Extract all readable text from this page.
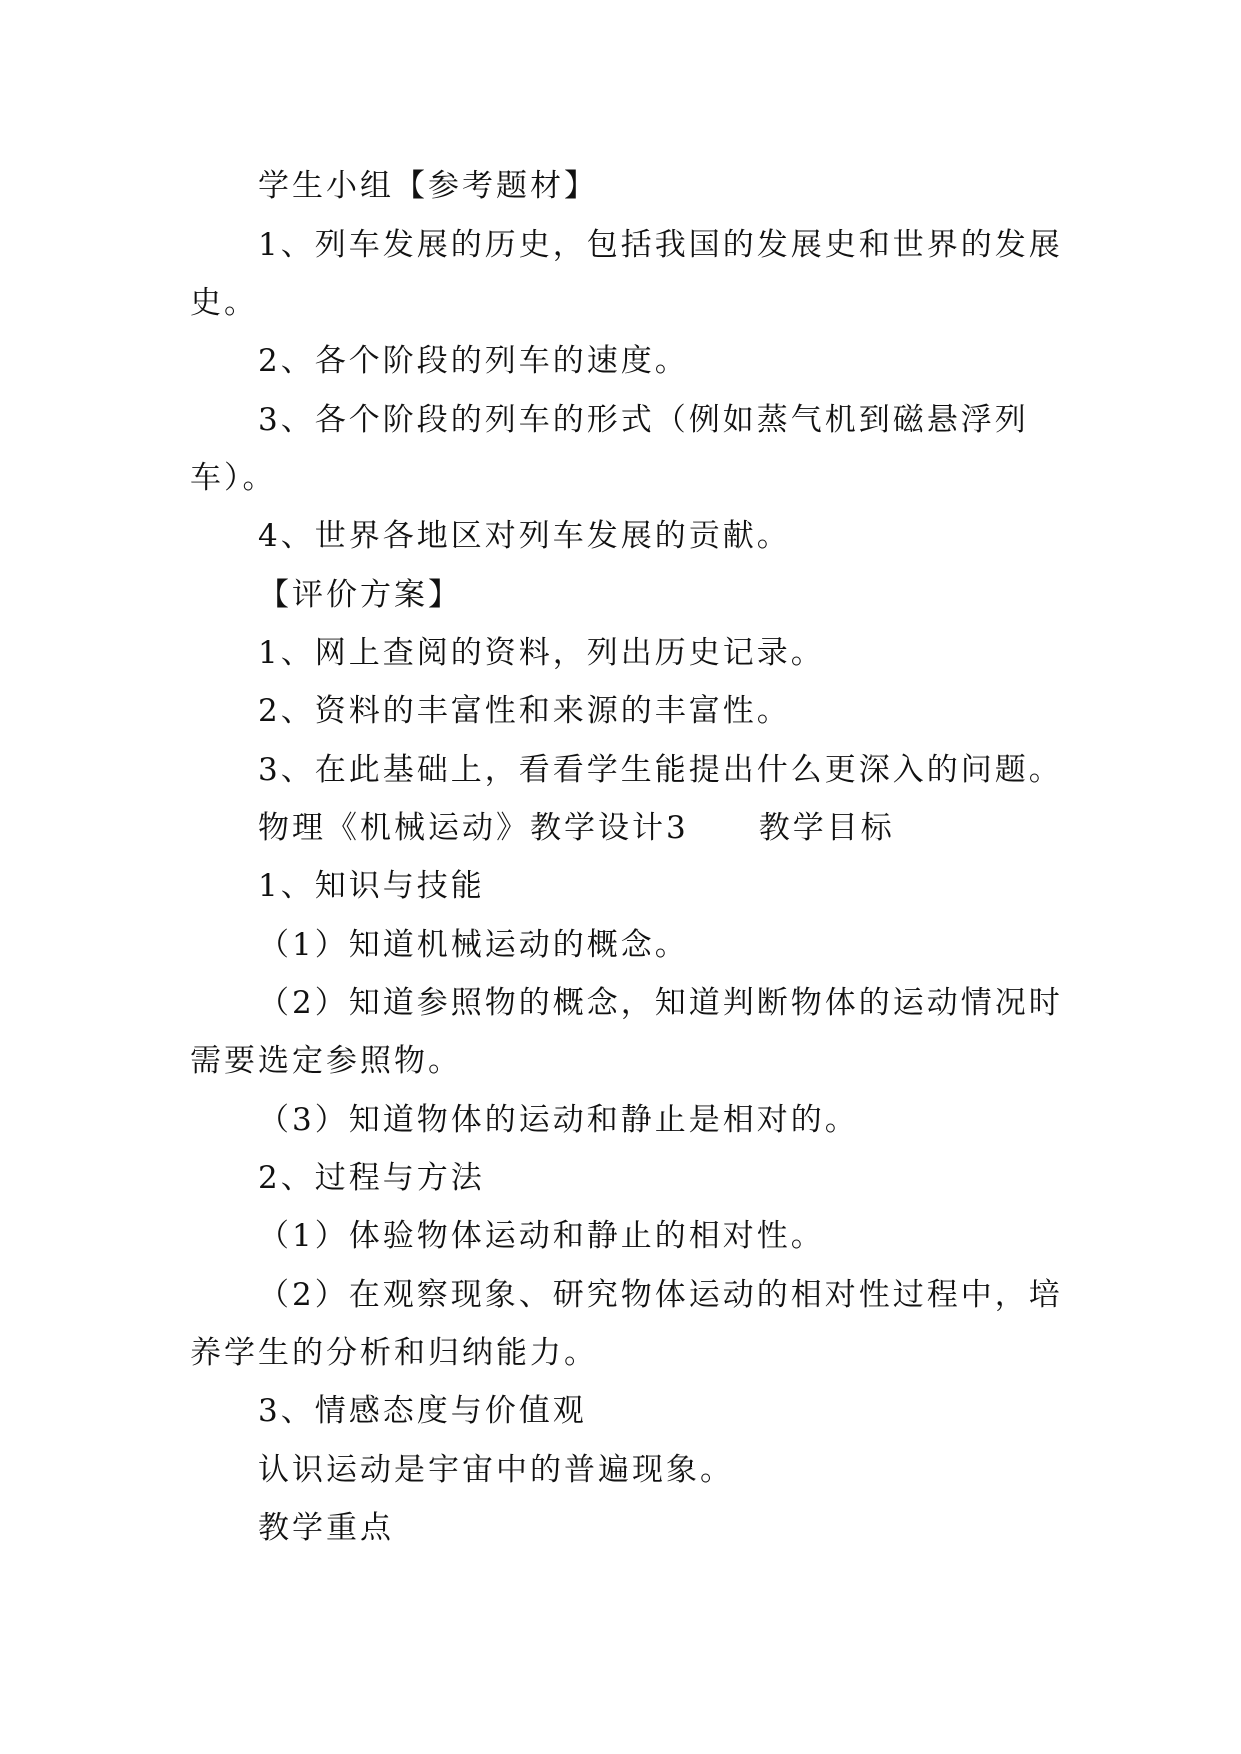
学生小组【参考题材】
1、列车发展的历史，包括我国的发展史和世界的发展
史。
2、各个阶段的列车的速度。
3、各个阶段的列车的形式（例如蒸气机到磁悬浮列
车）。
4、世界各地区对列车发展的贡献。
【评价方案】
1、网上查阅的资料，列出历史记录。
2、资料的丰富性和来源的丰富性。
3、在此基础上，看看学生能提出什么更深入的问题。
物理《机械运动》教学设计3 教学目标
1、知识与技能
（1）知道机械运动的概念。
（2）知道参照物的概念，知道判断物体的运动情况时
需要选定参照物。
（3）知道物体的运动和静止是相对的。
2、过程与方法
（1）体验物体运动和静止的相对性。
（2）在观察现象、研究物体运动的相对性过程中，培
养学生的分析和归纳能力。
3、情感态度与价值观
认识运动是宇宙中的普遍现象。
教学重点
